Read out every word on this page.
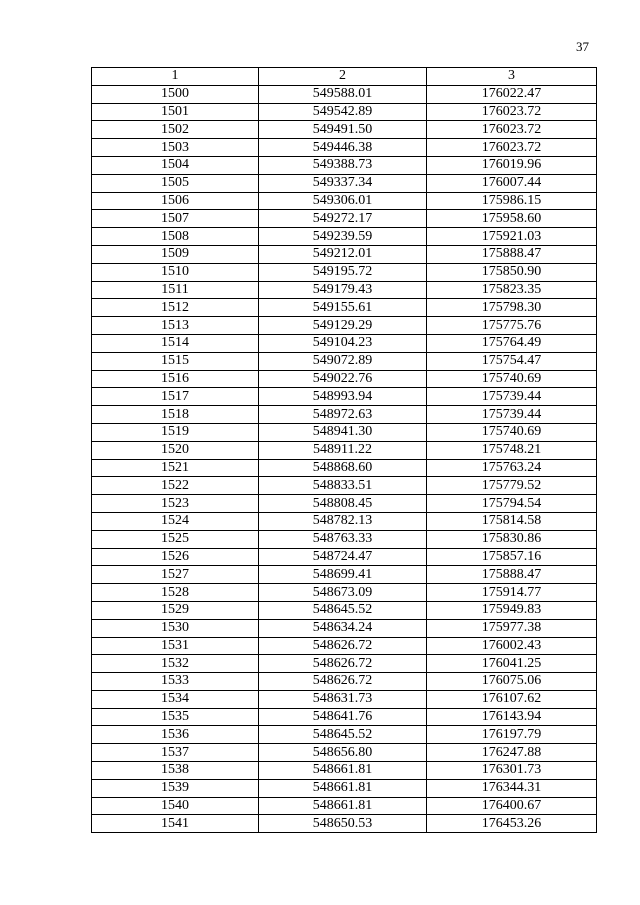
37
1	2	3
1500	549588.01	176022.47
1501	549542.89	176023.72
1502	549491.50	176023.72
1503	549446.38	176023.72
1504	549388.73	176019.96
1505	549337.34	176007.44
1506	549306.01	175986.15
1507	549272.17	175958.60
1508	549239.59	175921.03
1509	549212.01	175888.47
1510	549195.72	175850.90
1511	549179.43	175823.35
1512	549155.61	175798.30
1513	549129.29	175775.76
1514	549104.23	175764.49
1515	549072.89	175754.47
1516	549022.76	175740.69
1517	548993.94	175739.44
1518	548972.63	175739.44
1519	548941.30	175740.69
1520	548911.22	175748.21
1521	548868.60	175763.24
1522	548833.51	175779.52
1523	548808.45	175794.54
1524	548782.13	175814.58
1525	548763.33	175830.86
1526	548724.47	175857.16
1527	548699.41	175888.47
1528	548673.09	175914.77
1529	548645.52	175949.83
1530	548634.24	175977.38
1531	548626.72	176002.43
1532	548626.72	176041.25
1533	548626.72	176075.06
1534	548631.73	176107.62
1535	548641.76	176143.94
1536	548645.52	176197.79
1537	548656.80	176247.88
1538	548661.81	176301.73
1539	548661.81	176344.31
1540	548661.81	176400.67
1541	548650.53	176453.26
